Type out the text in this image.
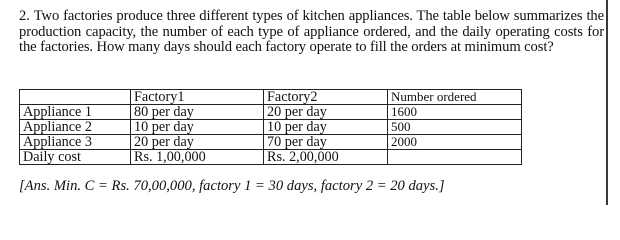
2. Two factories produce three different types of kitchen appliances. The table below summarizes the production capacity, the number of each type of appliance ordered, and the daily operating costs for the factories. How many days should each factory operate to fill the orders at minimum cost?
	Factory1	Factory2	Number ordered
Appliance 1	80 per day	20 per day	1600
Appliance 2	10 per day	10 per day	500
Appliance 3	20 per day	70 per day	2000
Daily cost	Rs. 1,00,000	Rs. 2,00,000	
[Ans. Min. C = Rs. 70,00,000, factory 1 = 30 days, factory 2 = 20 days.]
